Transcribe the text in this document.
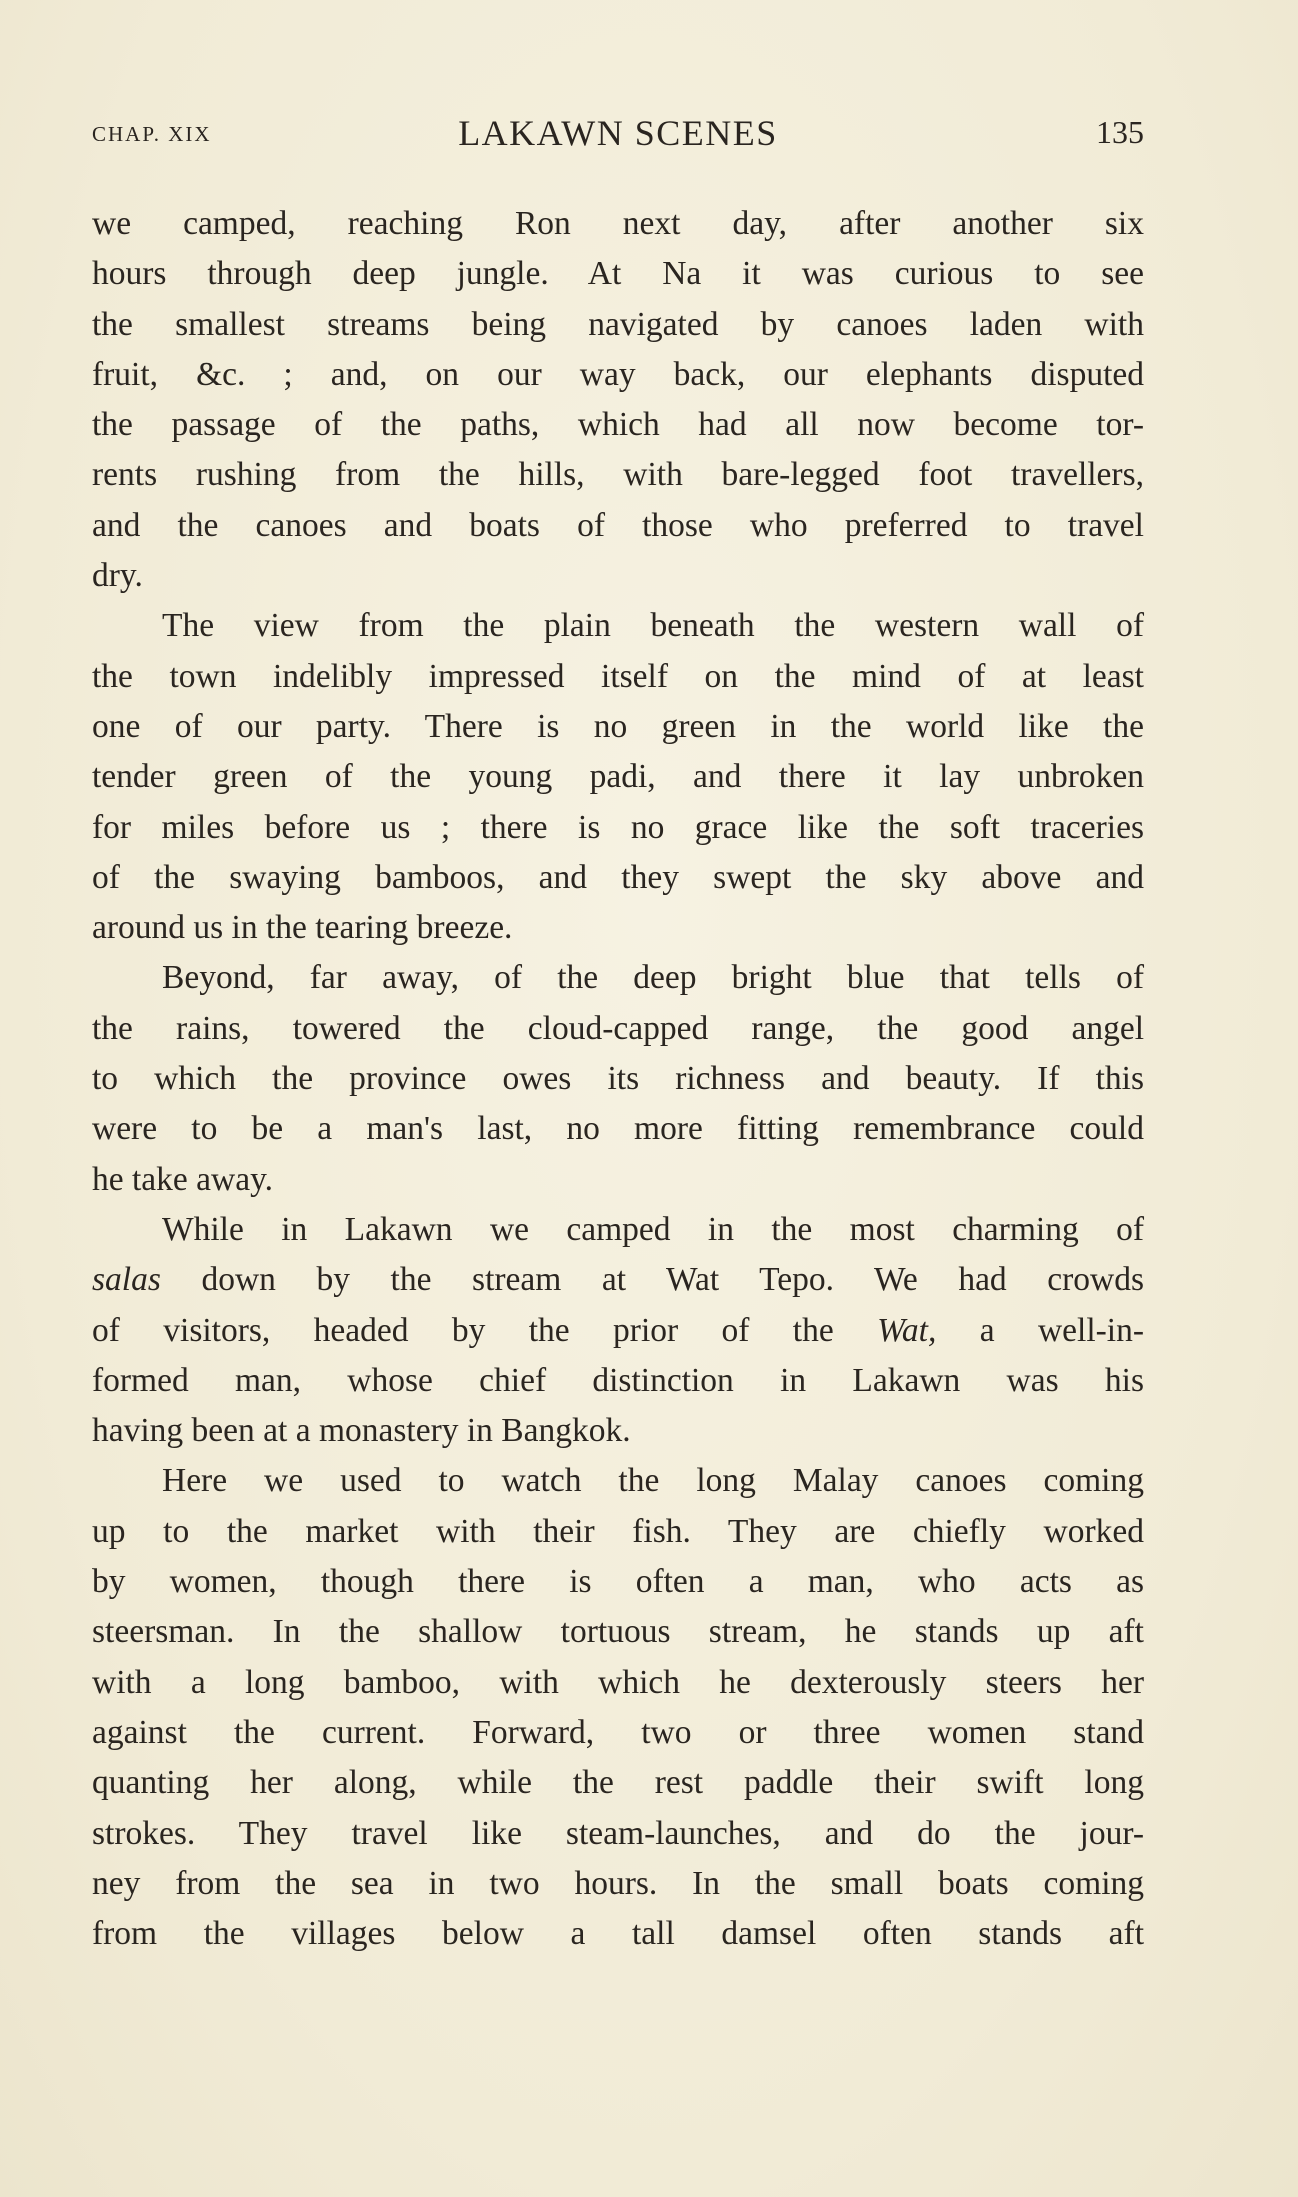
CHAP. XIX	LAKAWN SCENES	135
we camped, reaching Ron next day, after another six
hours through deep jungle. At Na it was curious to see
the smallest streams being navigated by canoes laden with
fruit, &c. ; and, on our way back, our elephants disputed
the passage of the paths, which had all now become tor-
rents rushing from the hills, with bare-legged foot travellers,
and the canoes and boats of those who preferred to travel
dry.
The view from the plain beneath the western wall of
the town indelibly impressed itself on the mind of at least
one of our party. There is no green in the world like the
tender green of the young padi, and there it lay unbroken
for miles before us ; there is no grace like the soft traceries
of the swaying bamboos, and they swept the sky above and
around us in the tearing breeze.
Beyond, far away, of the deep bright blue that tells of
the rains, towered the cloud-capped range, the good angel
to which the province owes its richness and beauty. If this
were to be a man's last, no more fitting remembrance could
he take away.
While in Lakawn we camped in the most charming of
salas down by the stream at Wat Tepo. We had crowds
of visitors, headed by the prior of the Wat, a well-in-
formed man, whose chief distinction in Lakawn was his
having been at a monastery in Bangkok.
Here we used to watch the long Malay canoes coming
up to the market with their fish. They are chiefly worked
by women, though there is often a man, who acts as
steersman. In the shallow tortuous stream, he stands up aft
with a long bamboo, with which he dexterously steers her
against the current. Forward, two or three women stand
quanting her along, while the rest paddle their swift long
strokes. They travel like steam-launches, and do the jour-
ney from the sea in two hours. In the small boats coming
from the villages below a tall damsel often stands aft
